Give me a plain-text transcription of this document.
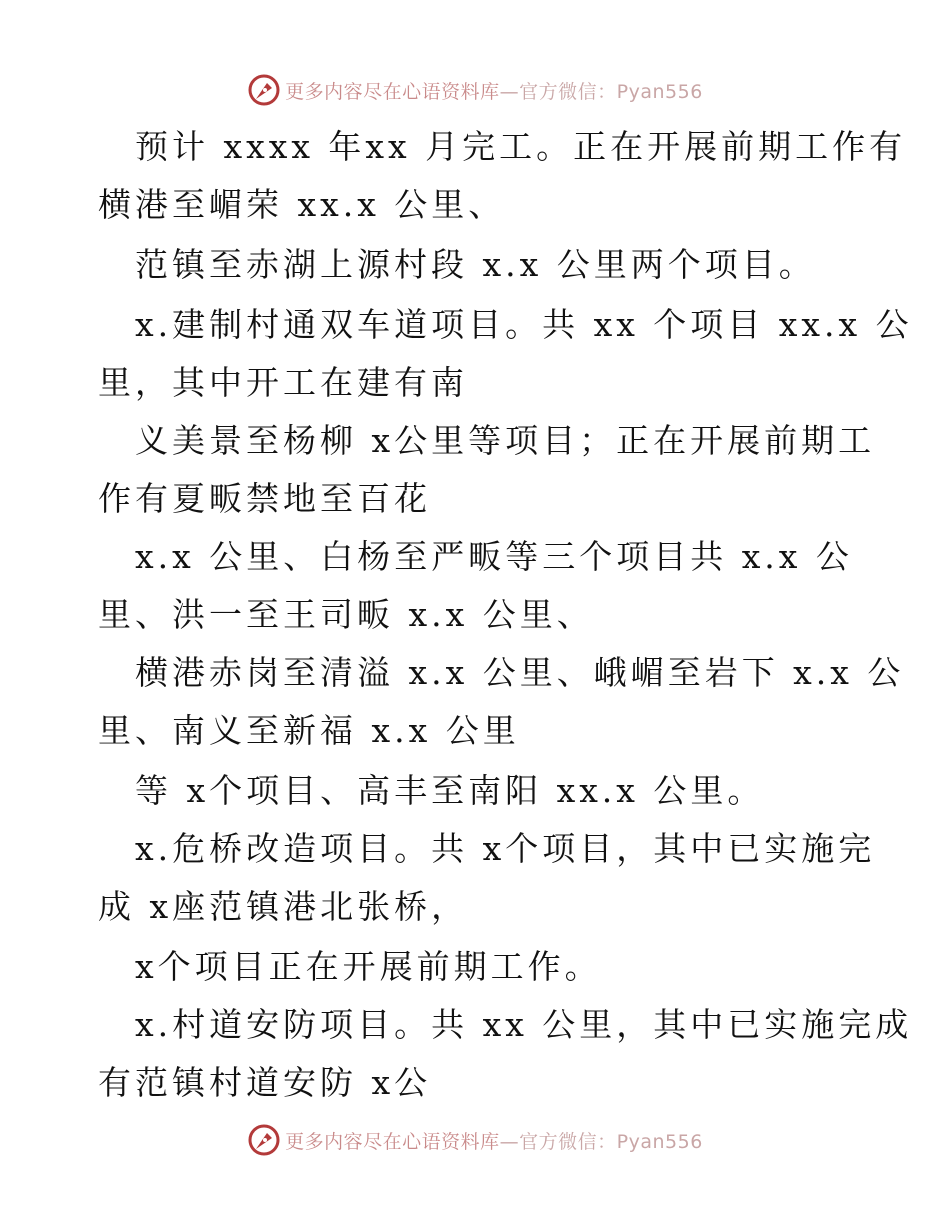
更多内容尽在心语资料库—官方微信：Pyan556
预计 xxxx 年xx 月完工。正在开展前期工作有
横港至嵋荣 xx.x 公里、
范镇至赤湖上源村段 x.x 公里两个项目。
x.建制村通双车道项目。共 xx 个项目 xx.x 公
里，其中开工在建有南
义美景至杨柳 x公里等项目；正在开展前期工
作有夏畈禁地至百花
x.x 公里、白杨至严畈等三个项目共 x.x 公
里、洪一至王司畈 x.x 公里、
横港赤岗至清溢 x.x 公里、峨嵋至岩下 x.x 公
里、南义至新福 x.x 公里
等 x个项目、高丰至南阳 xx.x 公里。
x.危桥改造项目。共 x个项目，其中已实施完
成 x座范镇港北张桥，
x个项目正在开展前期工作。
x.村道安防项目。共 xx 公里，其中已实施完成
有范镇村道安防 x公
更多内容尽在心语资料库—官方微信：Pyan556
